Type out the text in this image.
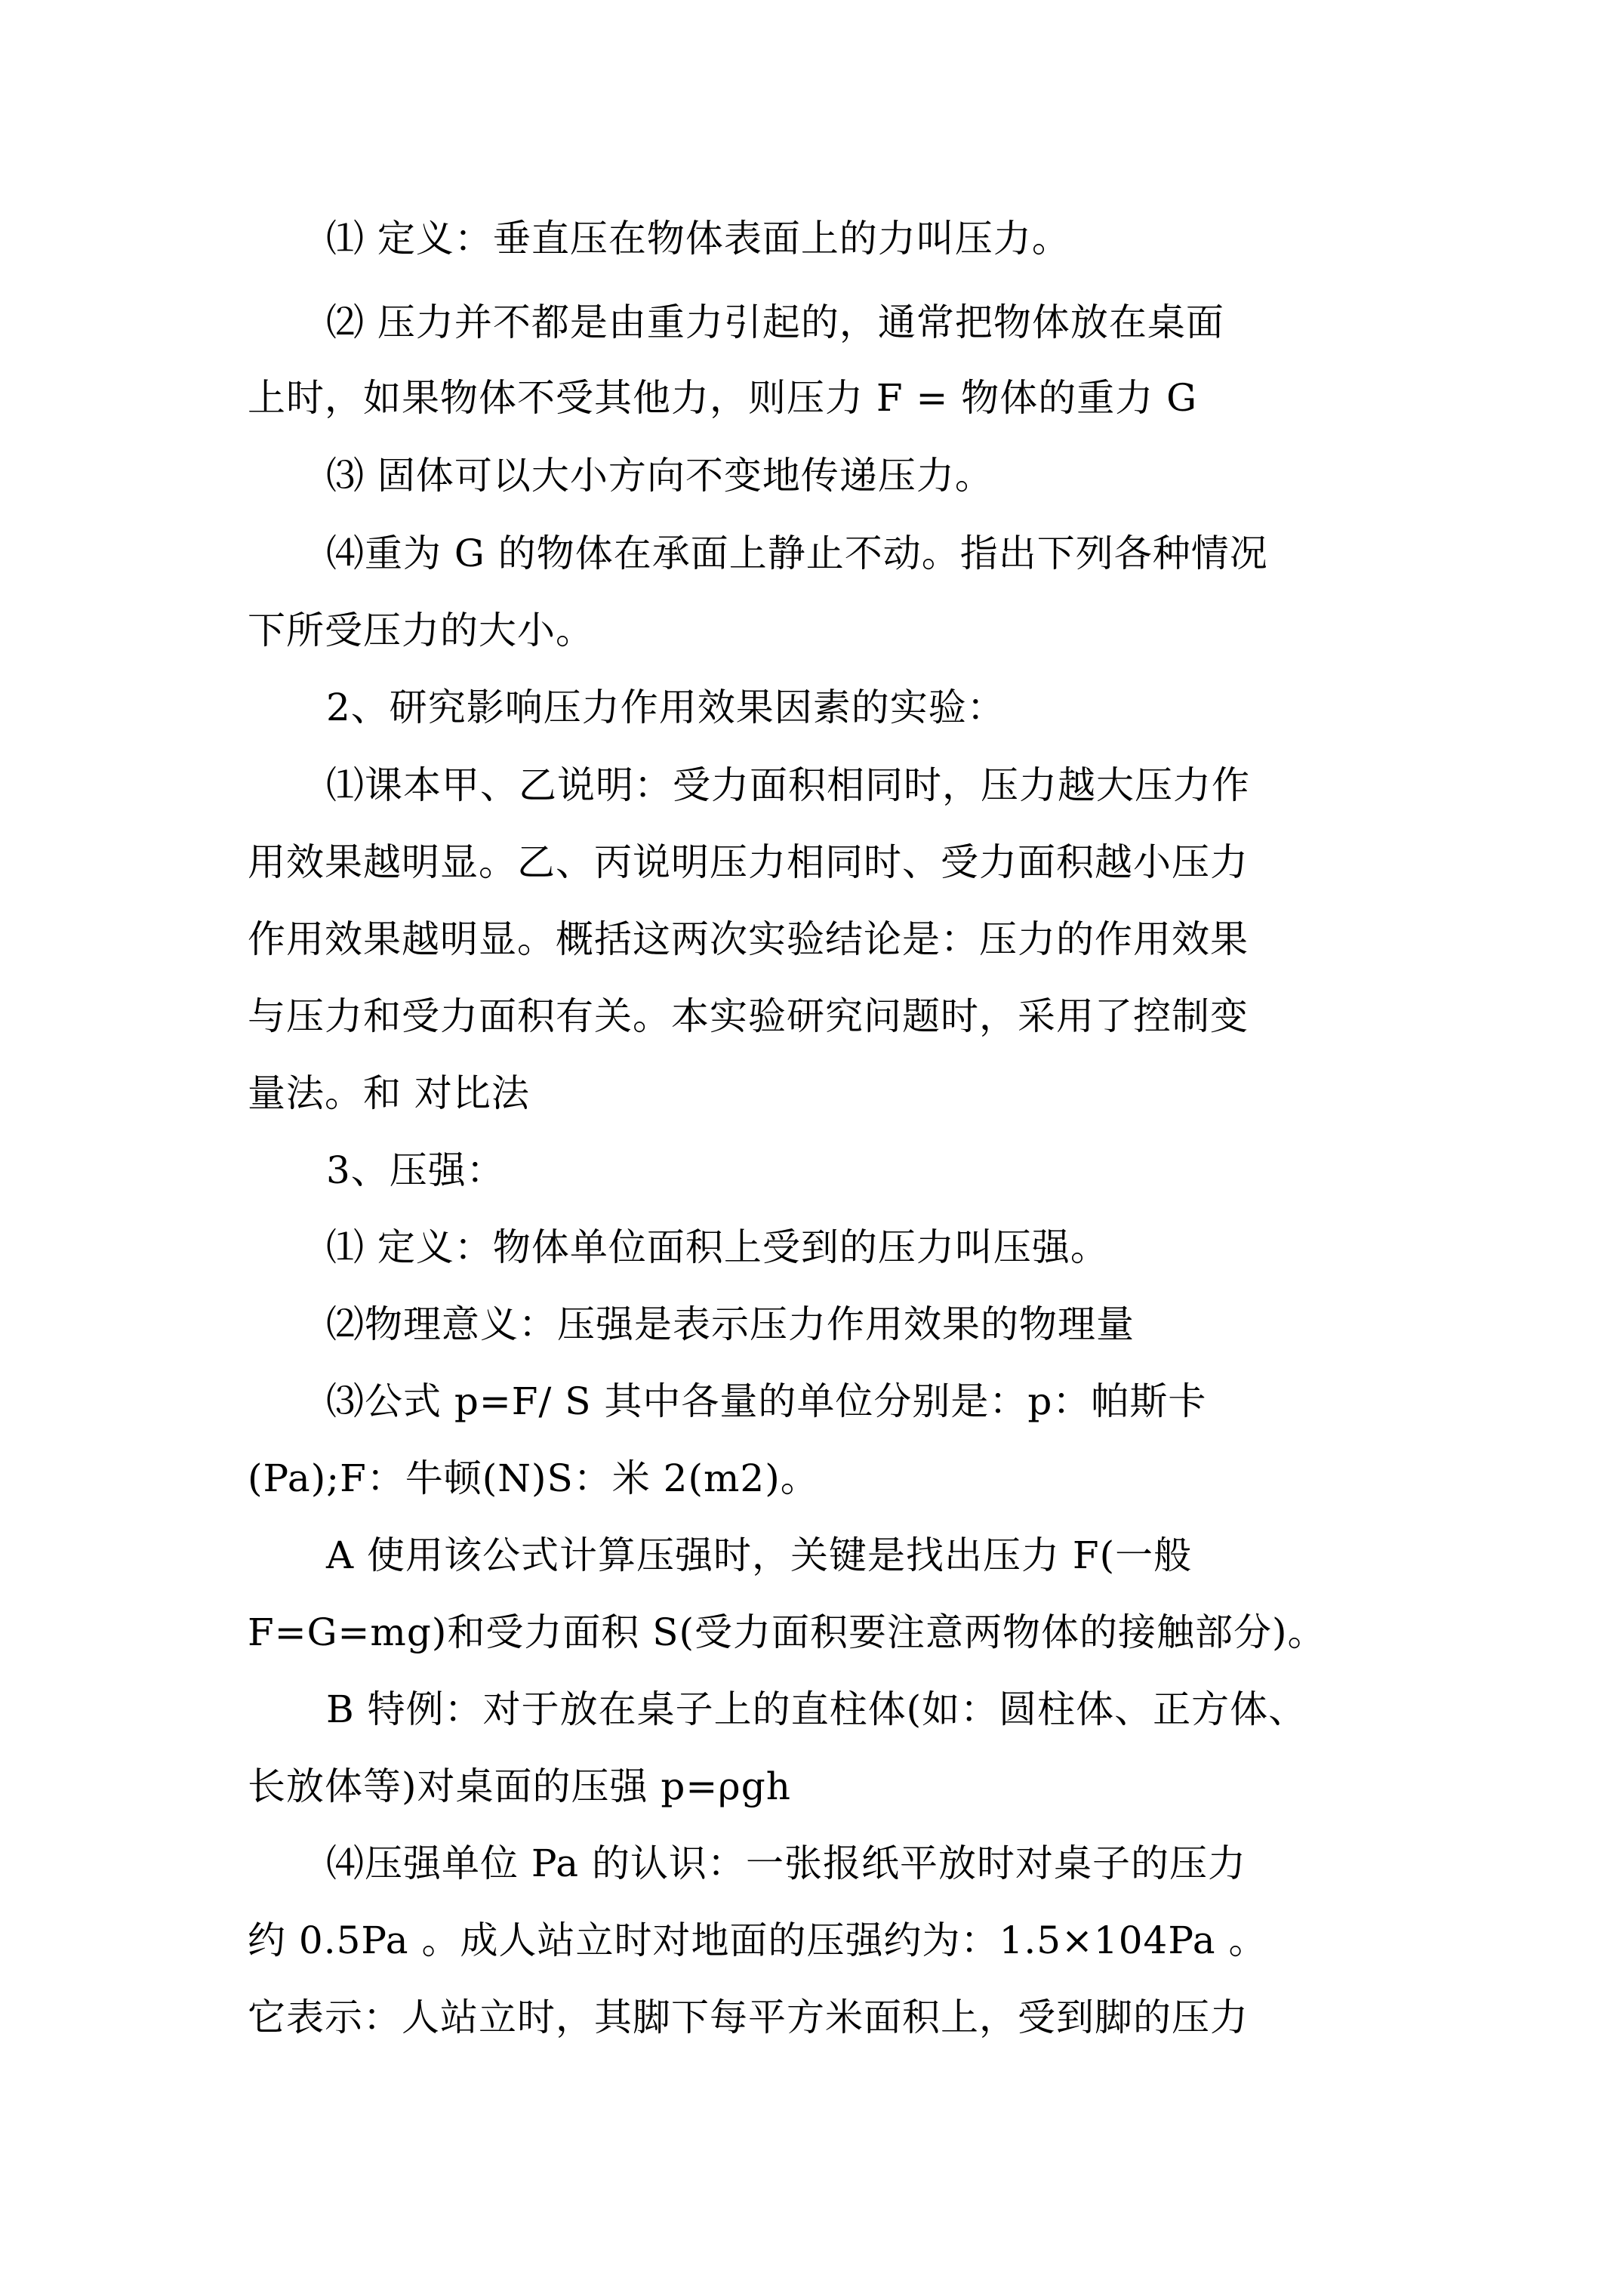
⑴ 定义：垂直压在物体表面上的力叫压力。

⑵ 压力并不都是由重力引起的，通常把物体放在桌面

上时，如果物体不受其他力，则压力 F = 物体的重力 G

⑶ 固体可以大小方向不变地传递压力。

⑷重为 G 的物体在承面上静止不动。指出下列各种情况

下所受压力的大小。

2、研究影响压力作用效果因素的实验：

⑴课本甲、乙说明：受力面积相同时，压力越大压力作

用效果越明显。乙、丙说明压力相同时、受力面积越小压力

作用效果越明显。概括这两次实验结论是：压力的作用效果

与压力和受力面积有关。本实验研究问题时，采用了控制变

量法。和 对比法

3、压强：

⑴ 定义：物体单位面积上受到的压力叫压强。

⑵物理意义：压强是表示压力作用效果的物理量

⑶公式 p=F/ S 其中各量的单位分别是：p：帕斯卡

(Pa);F：牛顿(N)S：米 2(m2)。

A 使用该公式计算压强时，关键是找出压力 F(一般

F=G=mg)和受力面积 S(受力面积要注意两物体的接触部分)。

B 特例：对于放在桌子上的直柱体(如：圆柱体、正方体、

长放体等)对桌面的压强 p=ρgh

⑷压强单位 Pa 的认识：一张报纸平放时对桌子的压力

约 0.5Pa 。成人站立时对地面的压强约为：1.5×104Pa 。

它表示：人站立时，其脚下每平方米面积上，受到脚的压力
